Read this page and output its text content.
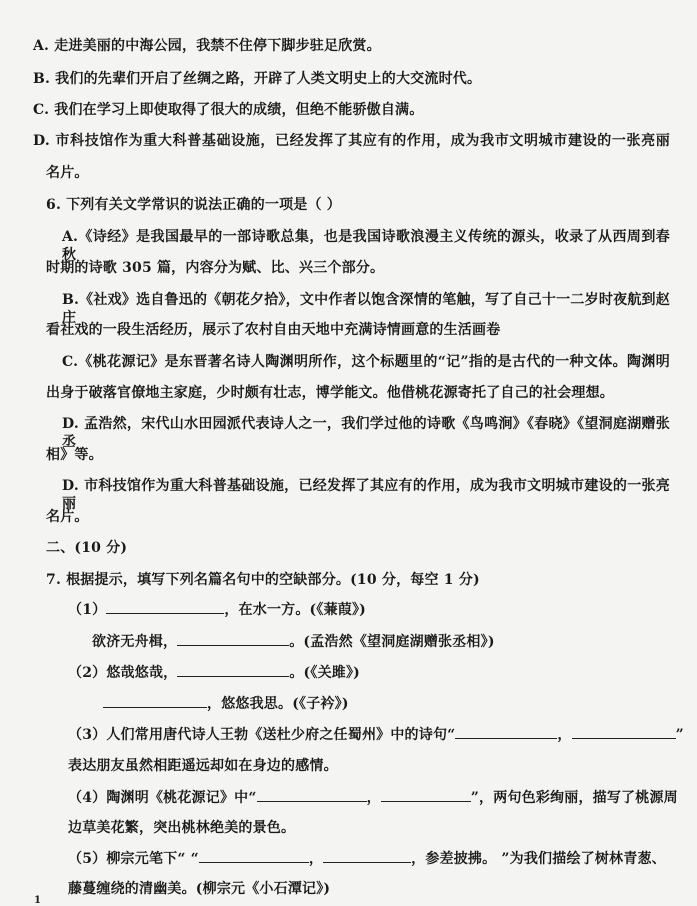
A. 走进美丽的中海公园，我禁不住停下脚步驻足欣赏。
B. 我们的先辈们开启了丝绸之路，开辟了人类文明史上的大交流时代。
C. 我们在学习上即使取得了很大的成绩，但绝不能骄傲自满。
D. 市科技馆作为重大科普基础设施，已经发挥了其应有的作用，成为我市文明城市建设的一张亮丽
名片。
6. 下列有关文学常识的说法正确的一项是（ ）
A.《诗经》是我国最早的一部诗歌总集，也是我国诗歌浪漫主义传统的源头，收录了从西周到春秋
时期的诗歌 305 篇，内容分为赋、比、兴三个部分。
B.《社戏》选自鲁迅的《朝花夕拾》，文中作者以饱含深情的笔触，写了自己十一二岁时夜航到赵庄
看社戏的一段生活经历，展示了农村自由天地中充满诗情画意的生活画卷
C.《桃花源记》是东晋著名诗人陶渊明所作，这个标题里的“记”指的是古代的一种文体。陶渊明
出身于破落官僚地主家庭，少时颇有壮志，博学能文。他借桃花源寄托了自己的社会理想。
D. 孟浩然，宋代山水田园派代表诗人之一，我们学过他的诗歌《鸟鸣涧》《春晓》《望洞庭湖赠张丞
相》等。
D. 市科技馆作为重大科普基础设施，已经发挥了其应有的作用，成为我市文明城市建设的一张亮丽
名片。
二、(10 分)
7. 根据提示，填写下列名篇名句中的空缺部分。(10 分，每空 1 分)
（1）	，在水一方。(《蒹葭》)
欲济无舟楫，	。(孟浩然《望洞庭湖赠张丞相》)
（2）悠哉悠哉，	。(《关雎》)
，悠悠我思。(《子衿》)
（3）人们常用唐代诗人王勃《送杜少府之任蜀州》中的诗句“	，	”
表达朋友虽然相距遥远却如在身边的感情。
（4）陶渊明《桃花源记》中“	，	”，两句色彩绚丽，描写了桃源周
边草美花繁，突出桃林绝美的景色。
（5）柳宗元笔下“ “	，	，参差披拂。 ”为我们描绘了树林青葱、
藤蔓缠绕的清幽美。(柳宗元《小石潭记》)
1
